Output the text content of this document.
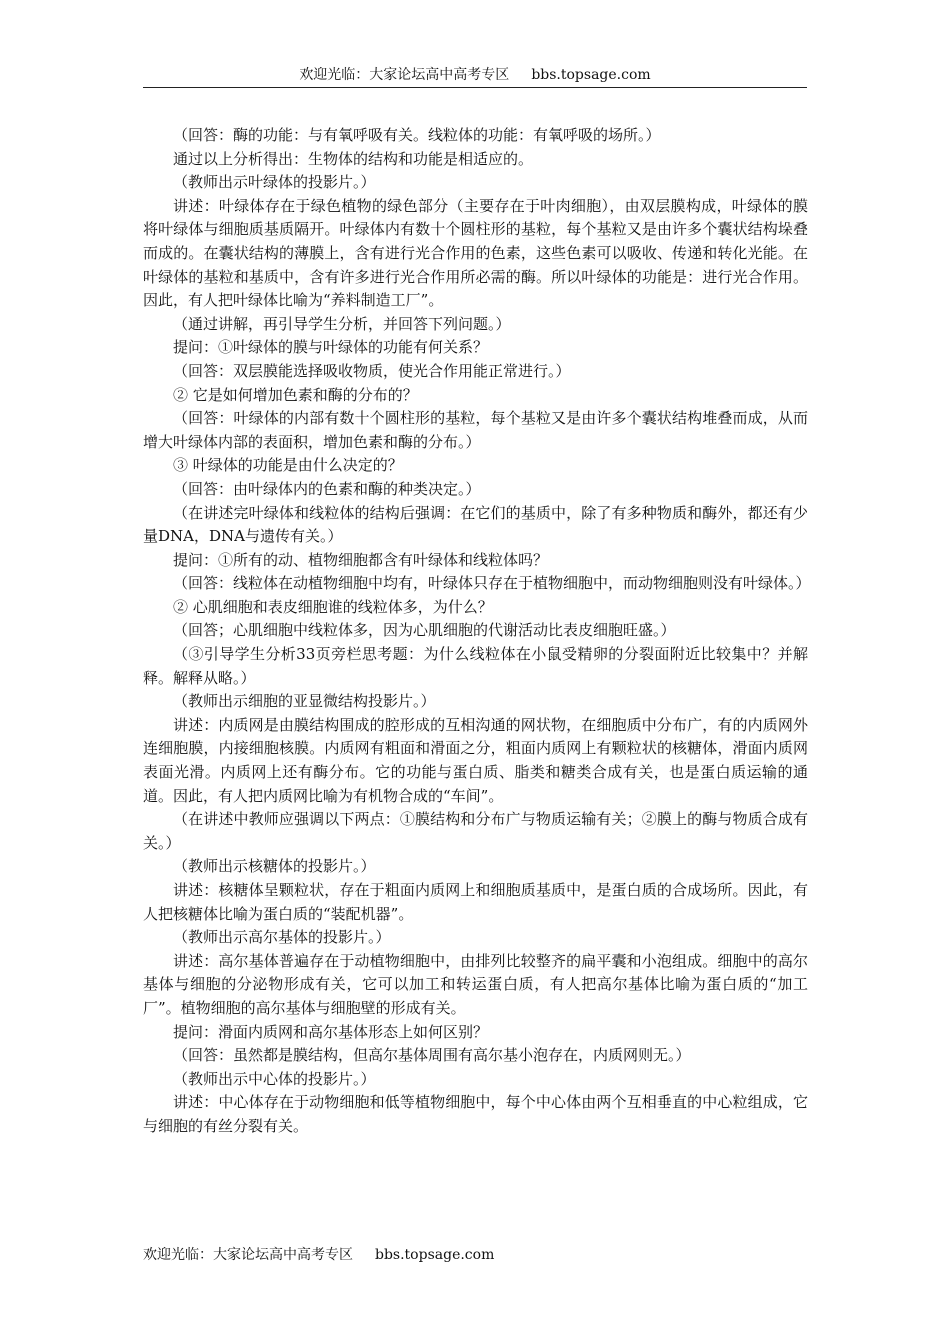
欢迎光临：大家论坛高中高考专区 bbs.topsage.com

（回答：酶的功能：与有氧呼吸有关。线粒体的功能：有氧呼吸的场所。）

通过以上分析得出：生物体的结构和功能是相适应的。

（教师出示叶绿体的投影片。）

讲述：叶绿体存在于绿色植物的绿色部分（主要存在于叶肉细胞），由双层膜构成，叶绿体的膜将叶绿体与细胞质基质隔开。叶绿体内有数十个圆柱形的基粒，每个基粒又是由许多个囊状结构垛叠而成的。在囊状结构的薄膜上，含有进行光合作用的色素，这些色素可以吸收、传递和转化光能。在叶绿体的基粒和基质中，含有许多进行光合作用所必需的酶。所以叶绿体的功能是：进行光合作用。因此，有人把叶绿体比喻为“养料制造工厂”。

（通过讲解，再引导学生分析，并回答下列问题。）

提问：①叶绿体的膜与叶绿体的功能有何关系？

（回答：双层膜能选择吸收物质，使光合作用能正常进行。）

② 它是如何增加色素和酶的分布的？

（回答：叶绿体的内部有数十个圆柱形的基粒，每个基粒又是由许多个囊状结构堆叠而成，从而增大叶绿体内部的表面积，增加色素和酶的分布。）

③ 叶绿体的功能是由什么决定的？

（回答：由叶绿体内的色素和酶的种类决定。）

（在讲述完叶绿体和线粒体的结构后强调：在它们的基质中，除了有多种物质和酶外，都还有少量DNA，DNA与遗传有关。）

提问：①所有的动、植物细胞都含有叶绿体和线粒体吗？

（回答：线粒体在动植物细胞中均有，叶绿体只存在于植物细胞中，而动物细胞则没有叶绿体。）

② 心肌细胞和表皮细胞谁的线粒体多，为什么？

（回答；心肌细胞中线粒体多，因为心肌细胞的代谢活动比表皮细胞旺盛。）

（③引导学生分析33页旁栏思考题：为什么线粒体在小鼠受精卵的分裂面附近比较集中？并解释。解释从略。）

（教师出示细胞的亚显微结构投影片。）

讲述：内质网是由膜结构围成的腔形成的互相沟通的网状物，在细胞质中分布广，有的内质网外连细胞膜，内接细胞核膜。内质网有粗面和滑面之分，粗面内质网上有颗粒状的核糖体，滑面内质网表面光滑。内质网上还有酶分布。它的功能与蛋白质、脂类和糖类合成有关，也是蛋白质运输的通道。因此，有人把内质网比喻为有机物合成的“车间”。

（在讲述中教师应强调以下两点：①膜结构和分布广与物质运输有关；②膜上的酶与物质合成有关。）

（教师出示核糖体的投影片。）

讲述：核糖体呈颗粒状，存在于粗面内质网上和细胞质基质中，是蛋白质的合成场所。因此，有人把核糖体比喻为蛋白质的“装配机器”。

（教师出示高尔基体的投影片。）

讲述：高尔基体普遍存在于动植物细胞中，由排列比较整齐的扁平囊和小泡组成。细胞中的高尔基体与细胞的分泌物形成有关，它可以加工和转运蛋白质，有人把高尔基体比喻为蛋白质的“加工厂”。植物细胞的高尔基体与细胞壁的形成有关。

提问：滑面内质网和高尔基体形态上如何区别？

（回答：虽然都是膜结构，但高尔基体周围有高尔基小泡存在，内质网则无。）

（教师出示中心体的投影片。）

讲述：中心体存在于动物细胞和低等植物细胞中，每个中心体由两个互相垂直的中心粒组成，它与细胞的有丝分裂有关。

欢迎光临：大家论坛高中高考专区 bbs.topsage.com
